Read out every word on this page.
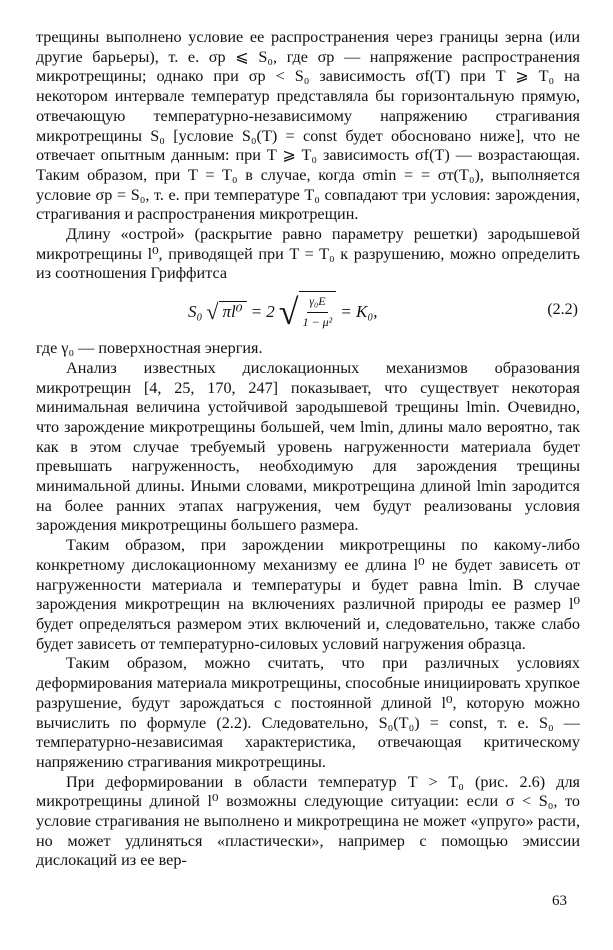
трещины выполнено условие ее распространения через границы зерна (или другие барьеры), т. е. σр ⩽ S₀, где σр — напряжение распространения микротрещины; однако при σр < S₀ зависимость σf(T) при T ⩾ T₀ на некотором интервале температур представляла бы горизонтальную прямую, отвечающую температурно-независимому напряжению страгивания микротрещины S₀ [условие S₀(T) = const будет обосновано ниже], что не отвечает опытным данным: при T ⩾ T₀ зависимость σf(T) — возрастающая. Таким образом, при T = T₀ в случае, когда σmin = = σт(T₀), выполняется условие σр = S₀, т. е. при температуре T₀ совпадают три условия: зарождения, страгивания и распространения микротрещин.

Длину «острой» (раскрытие равно параметру решетки) зародышевой микротрещины l⁰, приводящей при T = T₀ к разрушению, можно определить из соотношения Гриффитса

S₀ √ πl⁰ = 2 √ $\frac{\text{γ₀E}}{\text{1 − μ²}} = K_0$,	(2.2)

где γ₀ — поверхностная энергия.

Анализ известных дислокационных механизмов образования микротрещин [4, 25, 170, 247] показывает, что существует некоторая минимальная величина устойчивой зародышевой трещины lmin. Очевидно, что зарождение микротрещины большей, чем lmin, длины мало вероятно, так как в этом случае требуемый уровень нагруженности материала будет превышать нагруженность, необходимую для зарождения трещины минимальной длины. Иными словами, микротрещина длиной lmin зародится на более ранних этапах нагружения, чем будут реализованы условия зарождения микротрещины большего размера.

Таким образом, при зарождении микротрещины по какому-либо конкретному дислокационному механизму ее длина l⁰ не будет зависеть от нагруженности материала и температуры и будет равна lmin. В случае зарождения микротрещин на включениях различной природы ее размер l⁰ будет определяться размером этих включений и, следовательно, также слабо будет зависеть от температурно-силовых условий нагружения образца.

Таким образом, можно считать, что при различных условиях деформирования материала микротрещины, способные инициировать хрупкое разрушение, будут зарождаться с постоянной длиной l⁰, которую можно вычислить по формуле (2.2). Следовательно, S₀(T₀) = const, т. е. S₀ — температурно-независимая характеристика, отвечающая критическому напряжению страгивания микротрещины.

При деформировании в области температур T > T₀ (рис. 2.6) для микротрещины длиной l⁰ возможны следующие ситуации: если σ < S₀, то условие страгивания не выполнено и микротрещина не может «упруго» расти, но может удлиняться «пластически», например с помощью эмиссии дислокаций из ее вер-

63
